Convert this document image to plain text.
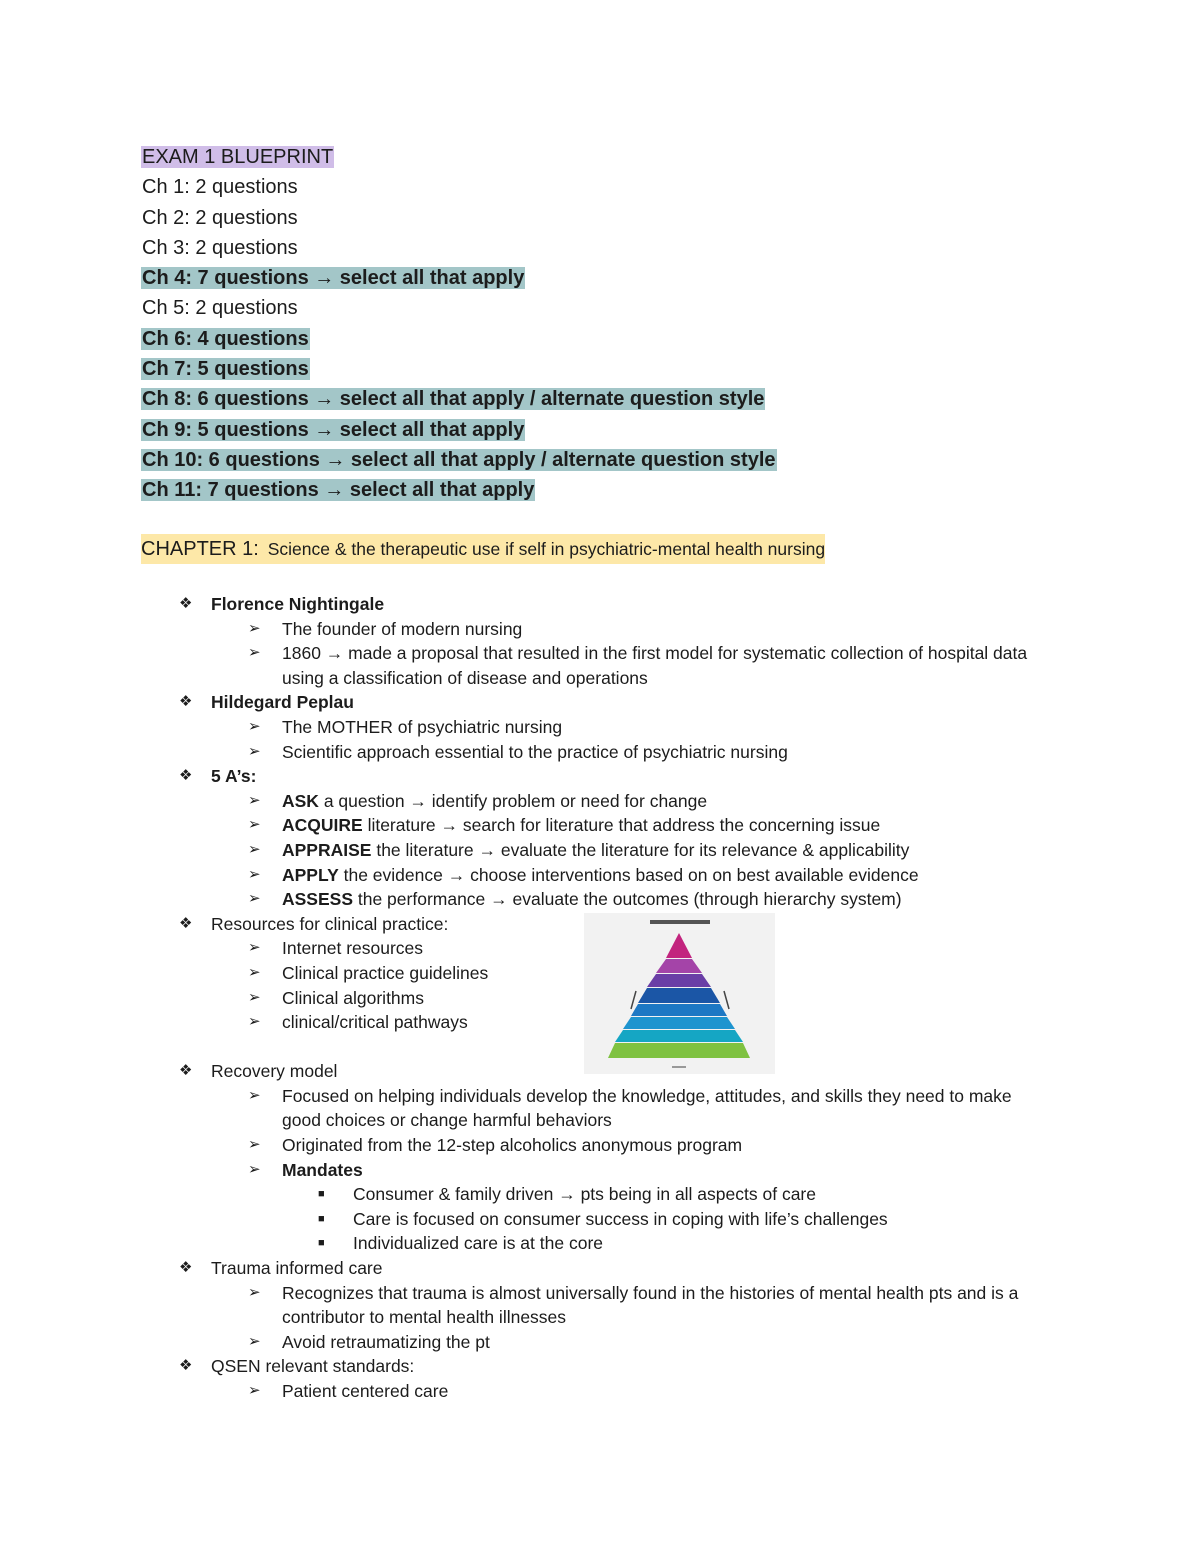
EXAM 1 BLUEPRINT
Ch 1: 2 questions
Ch 2: 2 questions
Ch 3: 2 questions
Ch 4: 7 questions → select all that apply
Ch 5: 2 questions
Ch 6: 4 questions
Ch 7: 5 questions
Ch 8: 6 questions → select all that apply / alternate question style
Ch 9: 5 questions → select all that apply
Ch 10: 6 questions → select all that apply / alternate question style
Ch 11: 7 questions → select all that apply
CHAPTER 1: Science & the therapeutic use if self in psychiatric-mental health nursing
❖ Florence Nightingale
➢ The founder of modern nursing
➢ 1860 → made a proposal that resulted in the first model for systematic collection of hospital data using a classification of disease and operations
❖ Hildegard Peplau
➢ The MOTHER of psychiatric nursing
➢ Scientific approach essential to the practice of psychiatric nursing
❖ 5 A’s:
➢ ASK a question → identify problem or need for change
➢ ACQUIRE literature → search for literature that address the concerning issue
➢ APPRAISE the literature → evaluate the literature for its relevance & applicability
➢ APPLY the evidence → choose interventions based on on best available evidence
➢ ASSESS the performance → evaluate the outcomes (through hierarchy system)
❖ Resources for clinical practice:
➢ Internet resources
➢ Clinical practice guidelines
➢ Clinical algorithms
➢ clinical/critical pathways
❖ Recovery model
➢ Focused on helping individuals develop the knowledge, attitudes, and skills they need to make good choices or change harmful behaviors
➢ Originated from the 12-step alcoholics anonymous program
➢ Mandates
■ Consumer & family driven → pts being in all aspects of care
■ Care is focused on consumer success in coping with life’s challenges
■ Individualized care is at the core
❖ Trauma informed care
➢ Recognizes that trauma is almost universally found in the histories of mental health pts and is a contributor to mental health illnesses
➢ Avoid retraumatizing the pt
❖ QSEN relevant standards:
➢ Patient centered care
